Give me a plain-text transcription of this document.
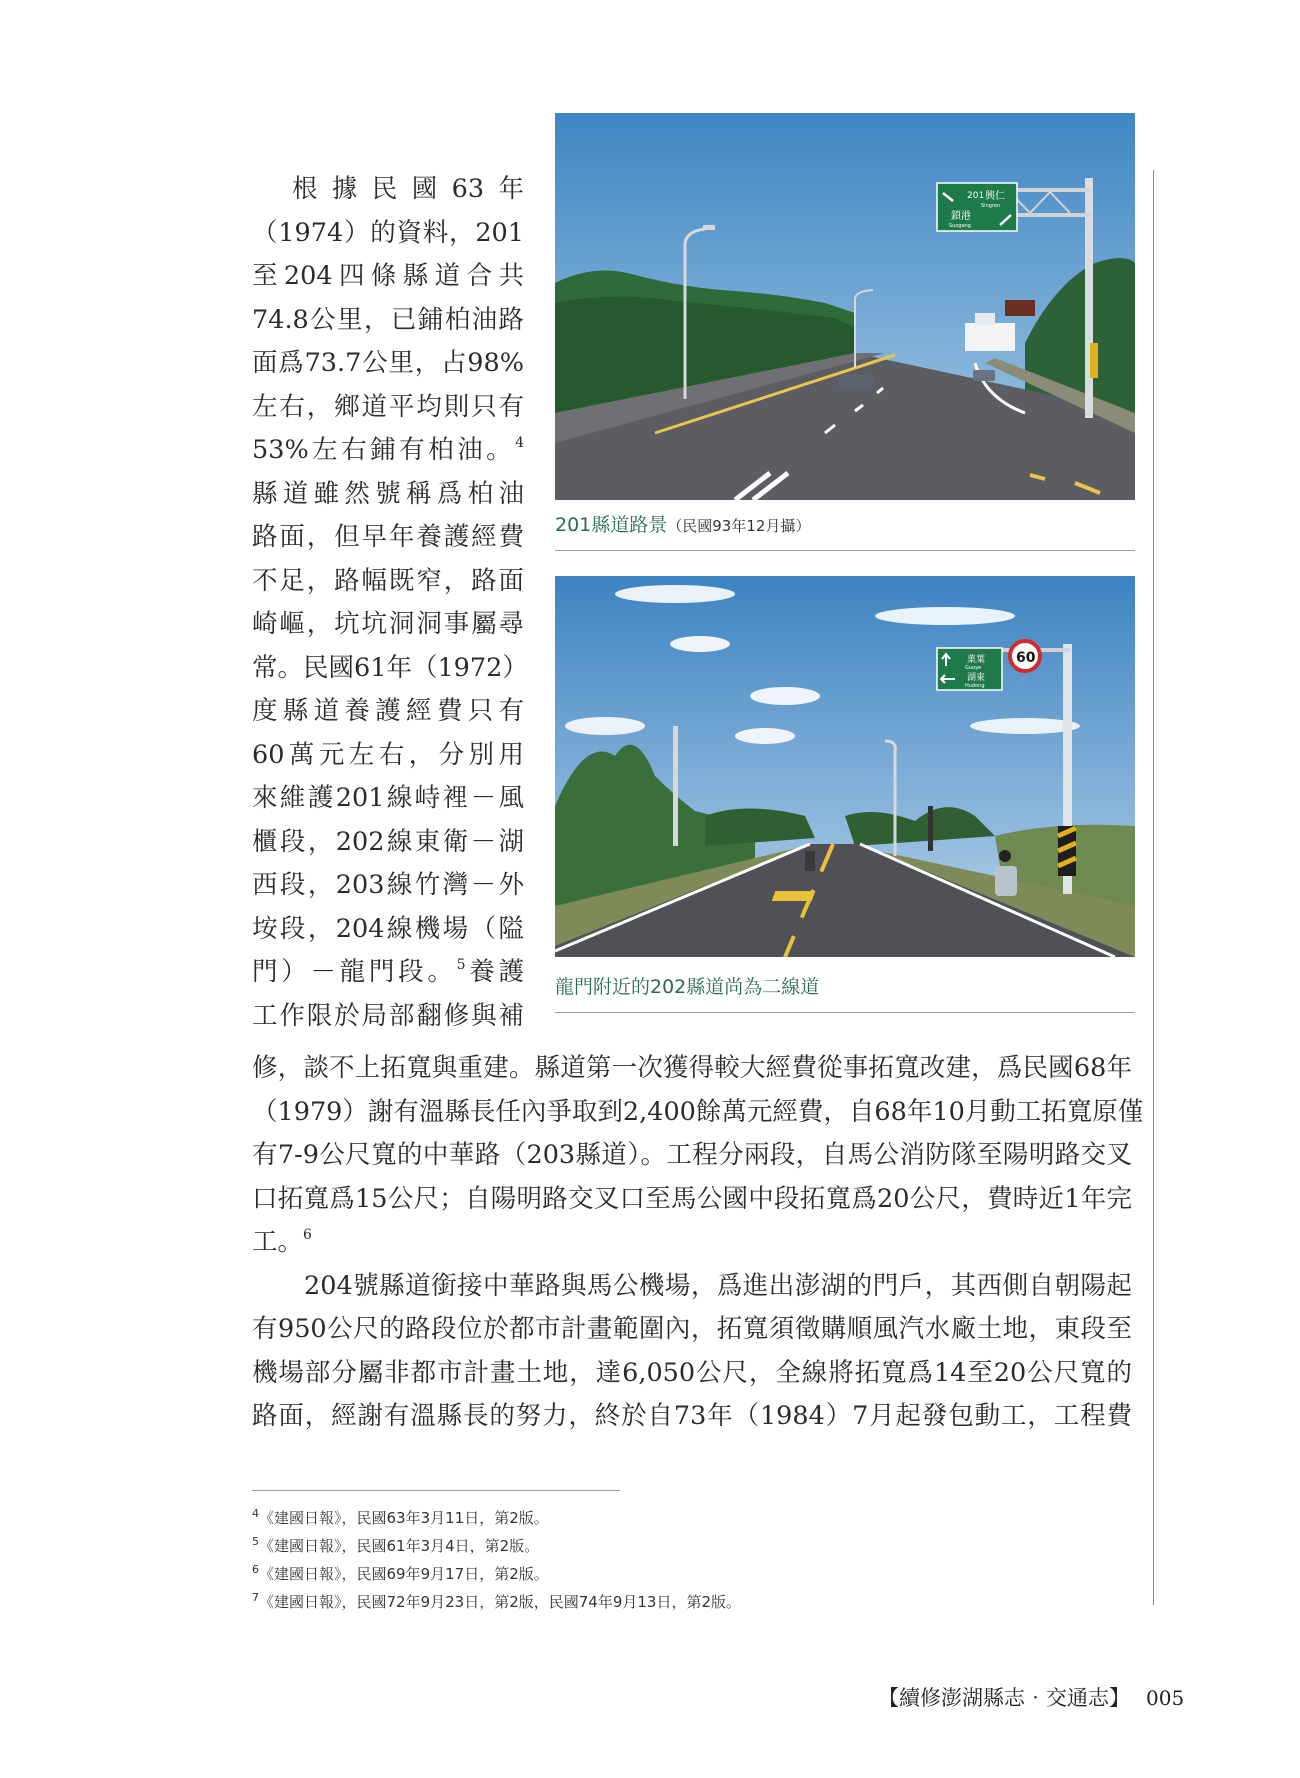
　根據民國63年
（1974）的資料，201
至204四條縣道合共
74.8公里，已鋪柏油路
面爲73.7公里，占98%
左右，鄉道平均則只有
53%左右鋪有柏油。$^4$
縣道雖然號稱爲柏油
路面，但早年養護經費
不足，路幅既窄，路面
崎嶇，坑坑洞洞事屬尋
常。民國61年（1972）
度縣道養護經費只有
60萬元左右，分別用
來維護201線峙裡－風
櫃段，202線東衛－湖
西段，203線竹灣－外
垵段，204線機場（隘
門）－龍門段。$^5$養護
工作限於局部翻修與補
修，談不上拓寬與重建。縣道第一次獲得較大經費從事拓寬改建，爲民國68年
（1979）謝有溫縣長任內爭取到2,400餘萬元經費，自68年10月動工拓寬原僅
有7-9公尺寬的中華路（203縣道）。工程分兩段，自馬公消防隊至陽明路交叉
口拓寬爲15公尺；自陽明路交叉口至馬公國中段拓寬爲20公尺，費時近1年完
工。$^6$
204號縣道銜接中華路與馬公機場，爲進出澎湖的門戶，其西側自朝陽起
有950公尺的路段位於都市計畫範圍內，拓寬須徵購順風汽水廠土地，東段至
機場部分屬非都市計畫土地，達6,050公尺，全線將拓寬爲14至20公尺寬的
路面，經謝有溫縣長的努力，終於自73年（1984）7月起發包動工，工程費
201 興仁
Singren
鎖港
Suogang
201縣道路景（民國93年12月攝）
菓葉
Guoye
湖東
Hudong
60
龍門附近的202縣道尚為二線道
$^4$《建國日報》，民國63年3月11日，第2版。
$^5$《建國日報》，民國61年3月4日，第2版。
$^6$《建國日報》，民國69年9月17日，第2版。
$^7$《建國日報》，民國72年9月23日，第2版，民國74年9月13日，第2版。
【續修澎湖縣志‧交通志】 005
